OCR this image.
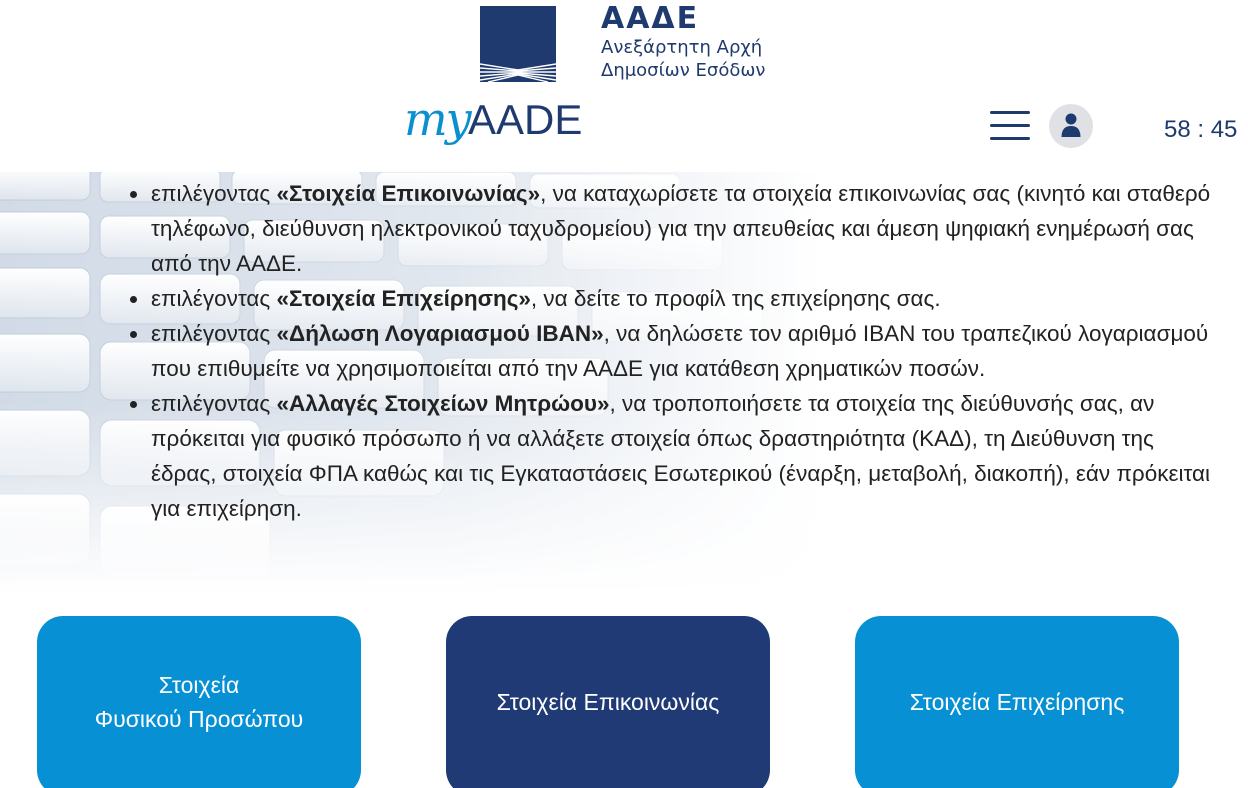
ΑΑΔΕ
Ανεξάρτητη Αρχή
Δημοσίων Εσόδων
my
AADE	58 : 45
επιλέγοντας «Στοιχεία Επικοινωνίας», να καταχωρίσετε τα στοιχεία επικοινωνίας σας (κινητό και σταθερό τηλέφωνο, διεύθυνση ηλεκτρονικού ταχυδρομείου) για την απευθείας και άμεση ψηφιακή ενημέρωσή σας από την ΑΑΔΕ.
επιλέγοντας «Στοιχεία Επιχείρησης», να δείτε το προφίλ της επιχείρησης σας.
επιλέγοντας «Δήλωση Λογαριασμού IBAN», να δηλώσετε τον αριθμό IBAN του τραπεζικού λογαριασμού που επιθυμείτε να χρησιμοποιείται από την ΑΑΔΕ για κατάθεση χρηματικών ποσών.
επιλέγοντας «Αλλαγές Στοιχείων Μητρώου», να τροποποιήσετε τα στοιχεία της διεύθυνσής σας, αν πρόκειται για φυσικό πρόσωπο ή να αλλάξετε στοιχεία όπως δραστηριότητα (ΚΑΔ), τη Διεύθυνση της έδρας, στοιχεία ΦΠΑ καθώς και τις Εγκαταστάσεις Εσωτερικού (έναρξη, μεταβολή, διακοπή), εάν πρόκειται για επιχείρηση.
Στοιχεία
Φυσικού Προσώπου
Στοιχεία Επικοινωνίας	Στοιχεία Επιχείρησης
